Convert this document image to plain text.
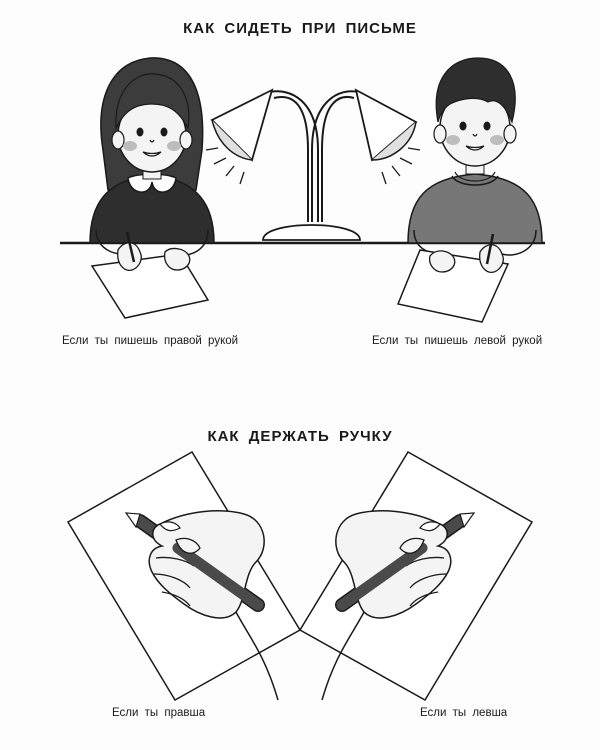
КАК СИДЕТЬ ПРИ ПИСЬМЕ
Если ты пишешь правой рукой	Если ты пишешь левой рукой
КАК ДЕРЖАТЬ РУЧКУ
Если ты правша	Если ты левша
